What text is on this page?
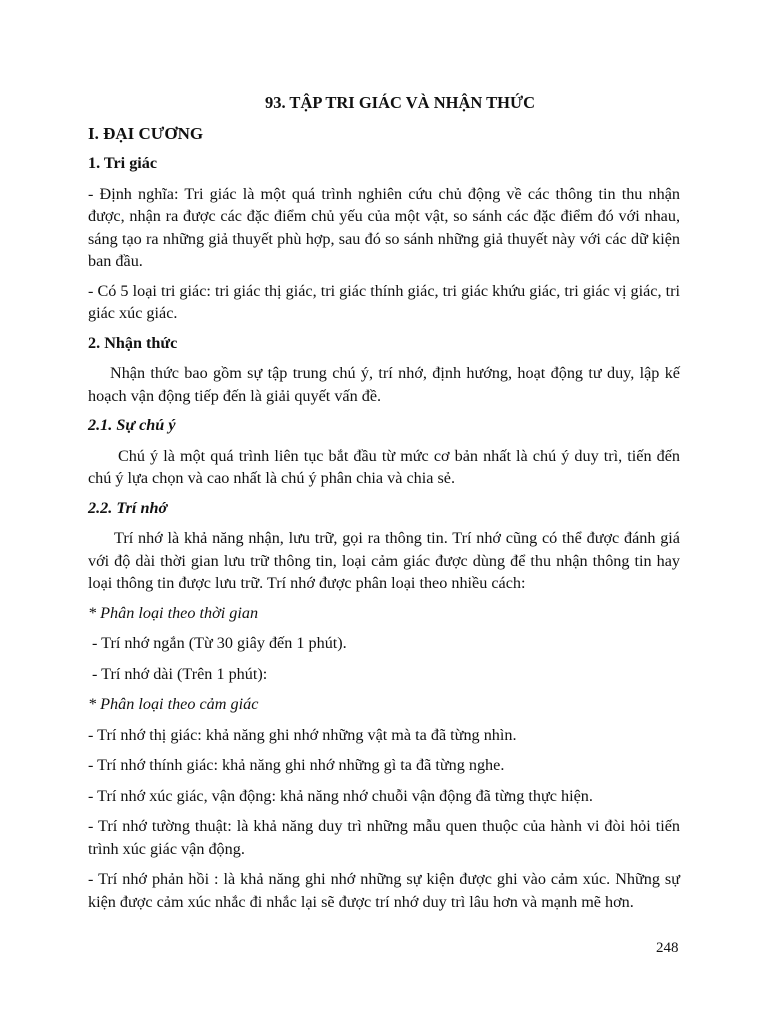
93. TẬP TRI GIÁC VÀ NHẬN THỨC
I. ĐẠI CƯƠNG
1. Tri giác
- Định nghĩa: Tri giác là một quá trình nghiên cứu chủ động về các thông tin thu nhận được, nhận ra được các đặc điểm chủ yếu của một vật, so sánh các đặc điểm đó với nhau, sáng tạo ra những giả thuyết phù hợp, sau đó so sánh những giả thuyết này với các dữ kiện ban đầu.
- Có 5 loại tri giác: tri giác thị giác, tri giác thính giác, tri giác khứu giác, tri giác vị giác, tri giác xúc giác.
2. Nhận thức
Nhận thức bao gồm sự tập trung chú ý, trí nhớ, định hướng, hoạt động tư duy, lập kế hoạch vận động tiếp đến là giải quyết vấn đề.
2.1. Sự chú ý
Chú ý là một quá trình liên tục bắt đầu từ mức cơ bản nhất là chú ý duy trì, tiến đến chú ý lựa chọn và cao nhất là chú ý phân chia và chia sẻ.
2.2. Trí nhớ
Trí nhớ là khả năng nhận, lưu trữ, gọi ra thông tin. Trí nhớ cũng có thể được đánh giá với độ dài thời gian lưu trữ thông tin, loại cảm giác được dùng để thu nhận thông tin hay loại thông tin được lưu trữ. Trí nhớ được phân loại theo nhiều cách:
* Phân loại theo thời gian
- Trí nhớ ngắn (Từ 30 giây đến 1 phút).
- Trí nhớ dài (Trên 1 phút):
* Phân loại theo cảm giác
- Trí nhớ thị giác: khả năng ghi nhớ những vật mà ta đã từng nhìn.
- Trí nhớ thính giác: khả năng ghi nhớ những gì ta đã từng nghe.
- Trí nhớ xúc giác, vận động: khả năng nhớ chuỗi vận động đã từng thực hiện.
- Trí nhớ tường thuật: là khả năng duy trì những mẫu quen thuộc của hành vi đòi hỏi tiến trình xúc giác vận động.
- Trí nhớ phản hồi : là khả năng ghi nhớ những sự kiện được ghi vào cảm xúc. Những sự kiện được cảm xúc nhắc đi nhắc lại sẽ được trí nhớ duy trì lâu hơn và mạnh mẽ hơn.
248
